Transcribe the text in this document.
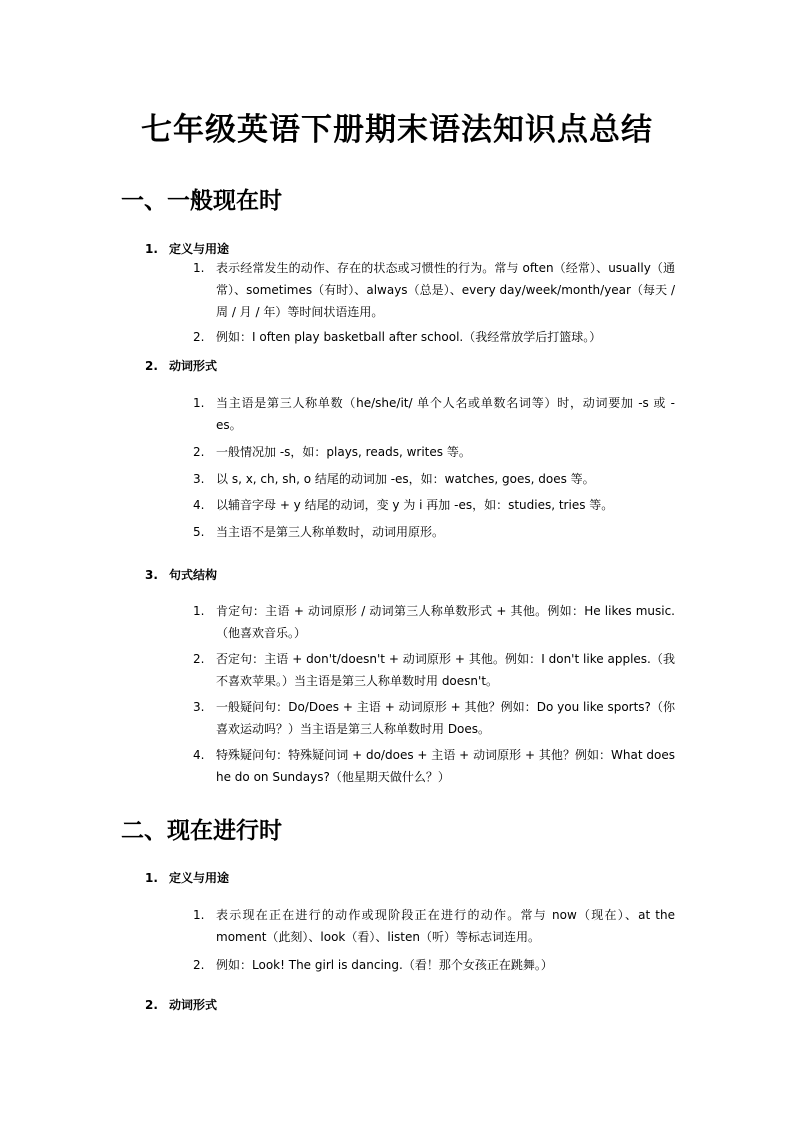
七年级英语下册期末语法知识点总结
一、一般现在时
1. 定义与用途
1. 表示经常发生的动作、存在的状态或习惯性的行为。常与 often（经常）、usually（通常）、sometimes（有时）、always（总是）、every day/week/month/year（每天 / 周 / 月 / 年）等时间状语连用。
2. 例如：I often play basketball after school.（我经常放学后打篮球。）
2. 动词形式
1. 当主语是第三人称单数（he/she/it/ 单个人名或单数名词等）时，动词要加 -s 或 -es。
2. 一般情况加 -s，如：plays, reads, writes 等。
3. 以 s, x, ch, sh, o 结尾的动词加 -es，如：watches, goes, does 等。
4. 以辅音字母 + y 结尾的动词，变 y 为 i 再加 -es，如：studies, tries 等。
5. 当主语不是第三人称单数时，动词用原形。
3. 句式结构
1. 肯定句：主语 + 动词原形 / 动词第三人称单数形式 + 其他。例如：He likes music.（他喜欢音乐。）
2. 否定句：主语 + don't/doesn't + 动词原形 + 其他。例如：I don't like apples.（我不喜欢苹果。）当主语是第三人称单数时用 doesn't。
3. 一般疑问句：Do/Does + 主语 + 动词原形 + 其他？例如：Do you like sports?（你喜欢运动吗？）当主语是第三人称单数时用 Does。
4. 特殊疑问句：特殊疑问词 + do/does + 主语 + 动词原形 + 其他？例如：What does he do on Sundays?（他星期天做什么？）
二、现在进行时
1. 定义与用途
1. 表示现在正在进行的动作或现阶段正在进行的动作。常与 now（现在）、at the moment（此刻）、look（看）、listen（听）等标志词连用。
2. 例如：Look! The girl is dancing.（看！那个女孩正在跳舞。）
2. 动词形式
